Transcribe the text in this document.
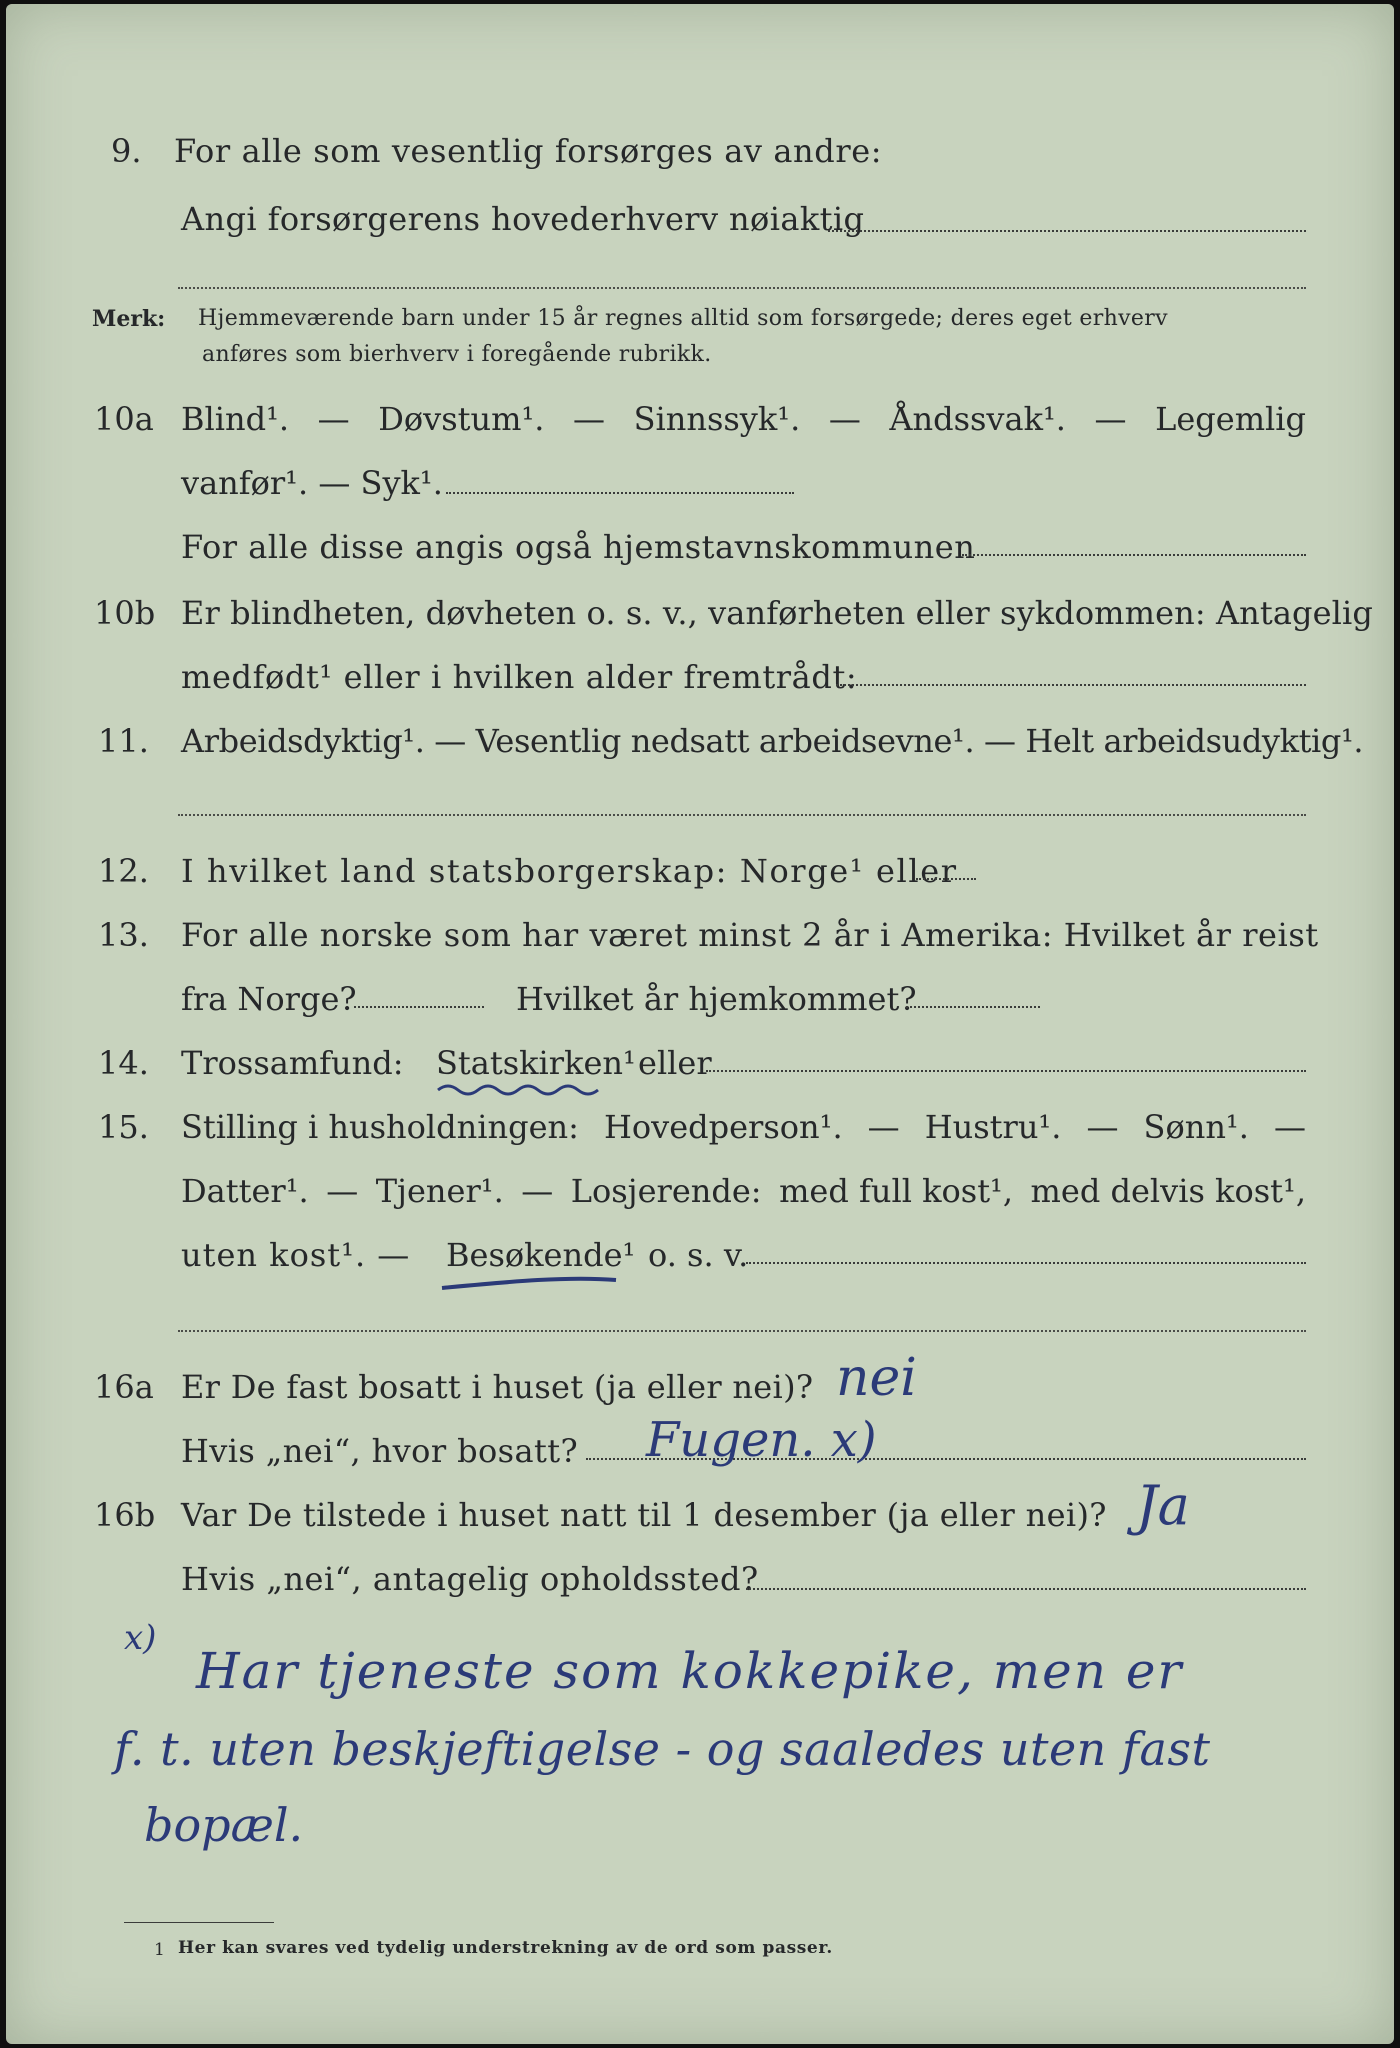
9. For alle som vesentlig forsørges av andre:
Angi forsørgerens hovederhverv nøiaktig
Merk: Hjemmeværende barn under 15 år regnes alltid som forsørgede; deres eget erhverv
anføres som bierhverv i foregående rubrikk.
10a Blind¹. — Døvstum¹. — Sinnssyk¹. — Åndssvak¹. — Legemlig
vanfør¹. — Syk¹.
For alle disse angis også hjemstavnskommunen
10b Er blindheten, døvheten o. s. v., vanførheten eller sykdommen: Antagelig
medfødt¹ eller i hvilken alder fremtrådt:
11. Arbeidsdyktig¹. — Vesentlig nedsatt arbeidsevne¹. — Helt arbeidsudyktig¹.
12. I hvilket land statsborgerskap: Norge¹ eller
13. For alle norske som har været minst 2 år i Amerika: Hvilket år reist
fra Norge?	Hvilket år hjemkommet?
14. Trossamfund: Statskirken¹ eller
15. Stilling i husholdningen: Hovedperson¹. — Hustru¹. — Sønn¹. —
Datter¹. — Tjener¹. — Losjerende: med full kost¹, med delvis kost¹,
uten kost¹. — Besøkende¹ o. s. v.
16a Er De fast bosatt i huset (ja eller nei)? nei
Hvis „nei“, hvor bosatt? Fugen. x)
16b Var De tilstede i huset natt til 1 desember (ja eller nei)? Ja
Hvis „nei“, antagelig opholdssted?
x)
Har tjeneste som kokkepike, men er
f. t. uten beskjeftigelse - og saaledes uten fast
bopæl.
1 Her kan svares ved tydelig understrekning av de ord som passer.
